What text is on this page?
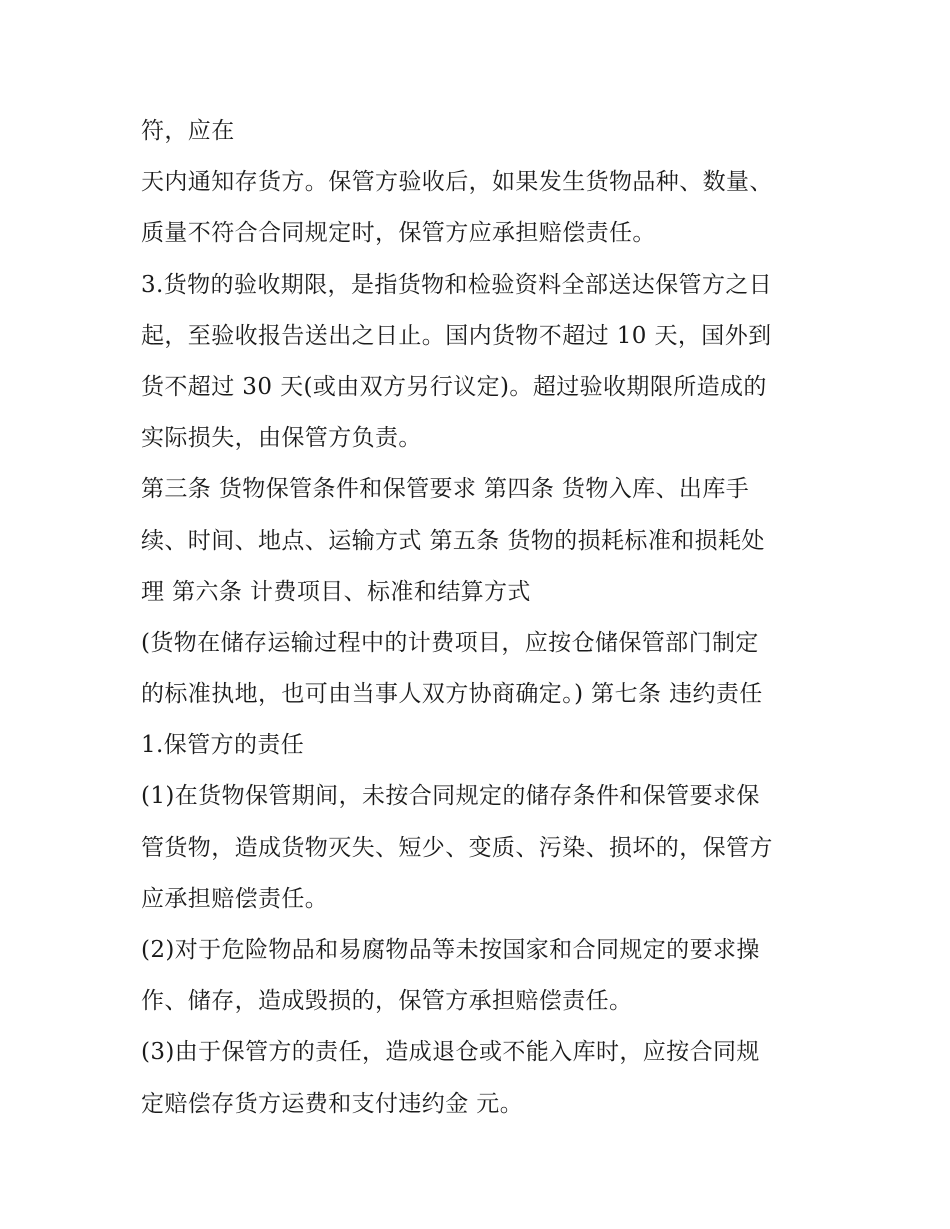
符，应在
天内通知存货方。保管方验收后，如果发生货物品种、数量、
质量不符合合同规定时，保管方应承担赔偿责任。
3.货物的验收期限，是指货物和检验资料全部送达保管方之日
起，至验收报告送出之日止。国内货物不超过 10 天，国外到
货不超过 30 天(或由双方另行议定)。超过验收期限所造成的
实际损失，由保管方负责。
第三条 货物保管条件和保管要求 第四条 货物入库、出库手
续、时间、地点、运输方式 第五条 货物的损耗标准和损耗处
理 第六条 计费项目、标准和结算方式
(货物在储存运输过程中的计费项目，应按仓储保管部门制定
的标准执地，也可由当事人双方协商确定。) 第七条 违约责任
1.保管方的责任
(1)在货物保管期间，未按合同规定的储存条件和保管要求保
管货物，造成货物灭失、短少、变质、污染、损坏的，保管方
应承担赔偿责任。
(2)对于危险物品和易腐物品等未按国家和合同规定的要求操
作、储存，造成毁损的，保管方承担赔偿责任。
(3)由于保管方的责任，造成退仓或不能入库时，应按合同规
定赔偿存货方运费和支付违约金 元。
